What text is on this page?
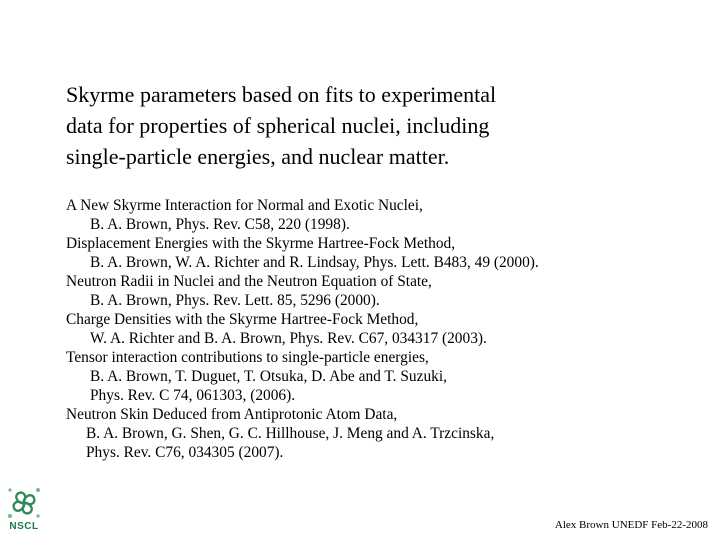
Skyrme parameters based on fits to experimental
data for properties of spherical nuclei, including
single-particle energies, and nuclear matter.
A New Skyrme Interaction for Normal and Exotic Nuclei,
B. A. Brown, Phys. Rev. C58, 220 (1998).
Displacement Energies with the Skyrme Hartree-Fock Method,
B. A. Brown, W. A. Richter and R. Lindsay, Phys. Lett. B483, 49 (2000).
Neutron Radii in Nuclei and the Neutron Equation of State,
B. A. Brown, Phys. Rev. Lett. 85, 5296 (2000).
Charge Densities with the Skyrme Hartree-Fock Method,
W. A. Richter and B. A. Brown, Phys. Rev. C67, 034317 (2003).
Tensor interaction contributions to single-particle energies,
B. A. Brown, T. Duguet, T. Otsuka, D. Abe and T. Suzuki,
Phys. Rev. C 74, 061303, (2006).
Neutron Skin Deduced from Antiprotonic Atom Data,
B. A. Brown, G. Shen, G. C. Hillhouse, J. Meng and A. Trzcinska,
Phys. Rev. C76, 034305 (2007).
NSCL	Alex Brown UNEDF Feb-22-2008
